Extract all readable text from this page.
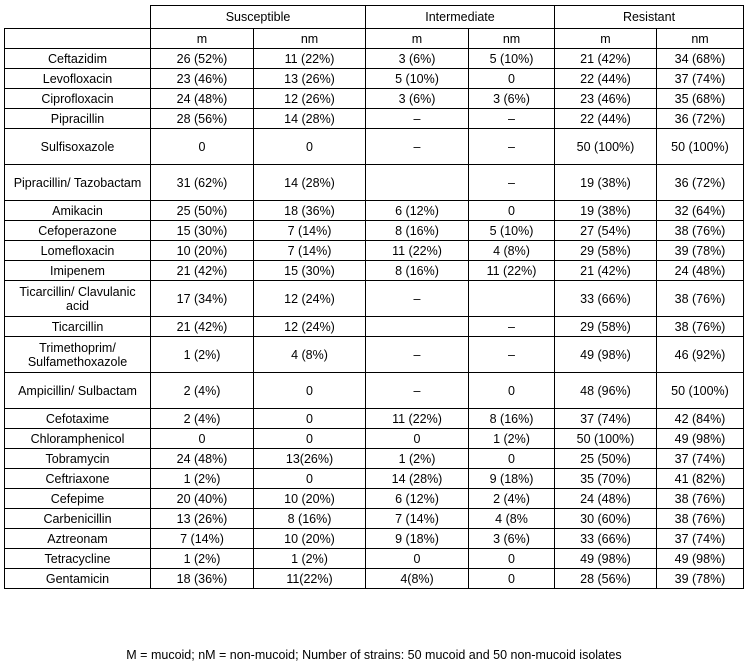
	Susceptible		Intermediate		Resistant	
	m	nm	m	nm	m	nm
Ceftazidim	26 (52%)	11 (22%)	3 (6%)	5 (10%)	21 (42%)	34 (68%)
Levofloxacin	23 (46%)	13 (26%)	5 (10%)	0	22 (44%)	37 (74%)
Ciprofloxacin	24 (48%)	12 (26%)	3 (6%)	3 (6%)	23 (46%)	35 (68%)
Pipracillin	28 (56%)	14 (28%)	–	–	22 (44%)	36 (72%)
Sulfisoxazole	0	0	–	–	50 (100%)	50 (100%)
Pipracillin/ Tazobactam	31 (62%)	14 (28%)		–	19 (38%)	36 (72%)
Amikacin	25 (50%)	18 (36%)	6 (12%)	0	19 (38%)	32 (64%)
Cefoperazone	15 (30%)	7 (14%)	8 (16%)	5 (10%)	27 (54%)	38 (76%)
Lomefloxacin	10 (20%)	7 (14%)	11 (22%)	4 (8%)	29 (58%)	39 (78%)
Imipenem	21 (42%)	15 (30%)	8 (16%)	11 (22%)	21 (42%)	24 (48%)
Ticarcillin/ Clavulanic acid	17 (34%)	12 (24%)	–		33 (66%)	38 (76%)
Ticarcillin	21 (42%)	12 (24%)		–	29 (58%)	38 (76%)
Trimethoprim/ Sulfamethoxazole	1 (2%)	4 (8%)	–	–	49 (98%)	46 (92%)
Ampicillin/ Sulbactam	2 (4%)	0	–	0	48 (96%)	50 (100%)
Cefotaxime	2 (4%)	0	11 (22%)	8 (16%)	37 (74%)	42 (84%)
Chloramphenicol	0	0	0	1 (2%)	50 (100%)	49 (98%)
Tobramycin	24 (48%)	13(26%)	1 (2%)	0	25 (50%)	37 (74%)
Ceftriaxone	1 (2%)	0	14 (28%)	9 (18%)	35 (70%)	41 (82%)
Cefepime	20 (40%)	10 (20%)	6 (12%)	2 (4%)	24 (48%)	38 (76%)
Carbenicillin	13 (26%)	8 (16%)	7 (14%)	4 (8%	30 (60%)	38 (76%)
Aztreonam	7 (14%)	10 (20%)	9 (18%)	3 (6%)	33 (66%)	37 (74%)
Tetracycline	1 (2%)	1 (2%)	0	0	49 (98%)	49 (98%)
Gentamicin	18 (36%)	11(22%)	4(8%)	0	28 (56%)	39 (78%)
M = mucoid; nM = non-mucoid; Number of strains: 50 mucoid and 50 non-mucoid isolates
